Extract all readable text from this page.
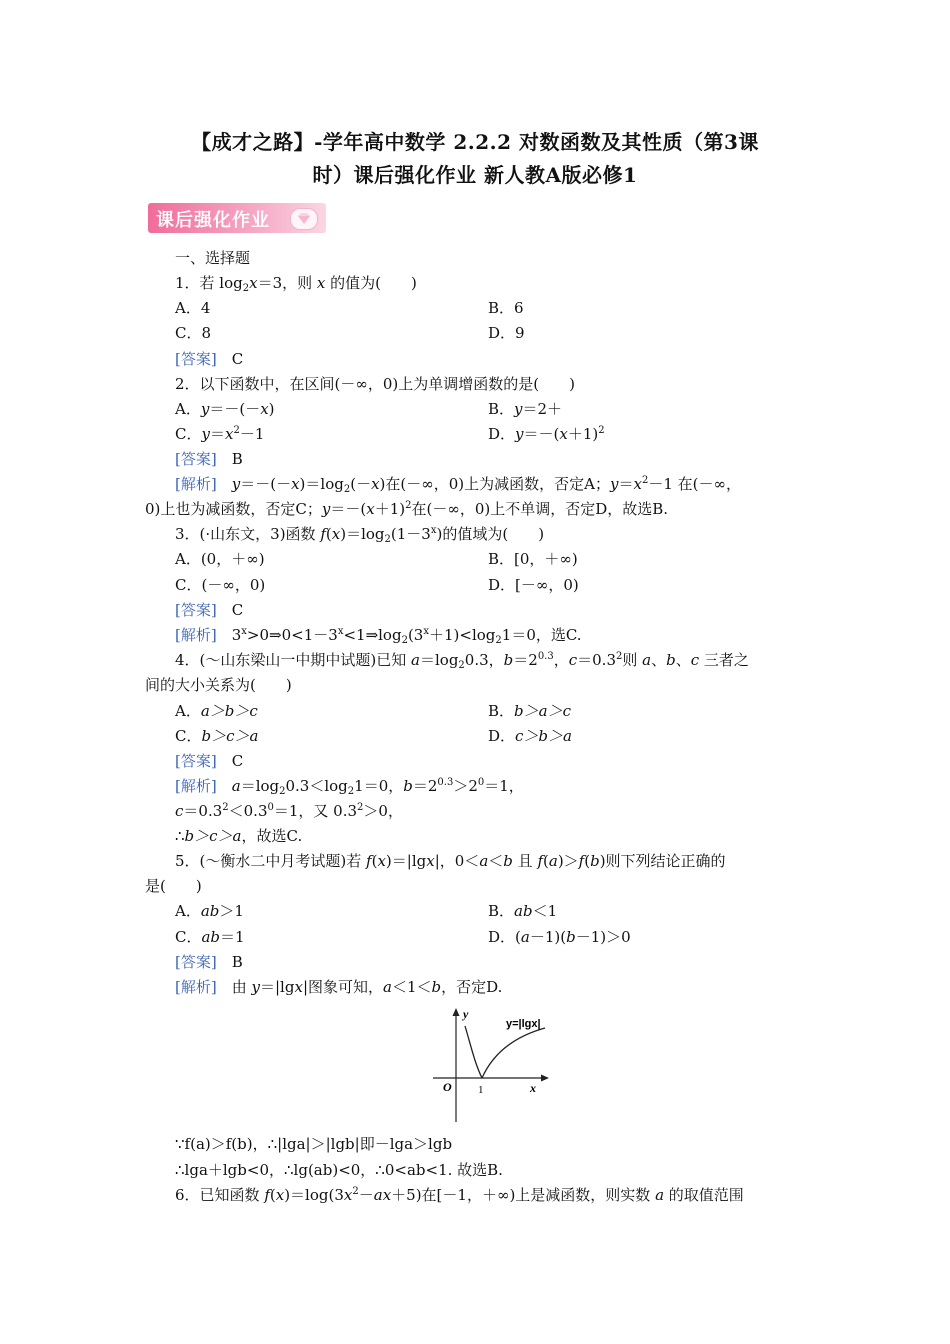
【成才之路】-学年高中数学 2.2.2 对数函数及其性质（第3课
时）课后强化作业 新人教A版必修1
课后强化作业
一、选择题
1．若 $\log_2x=3$，则 x 的值为(　　)
A．4	B．6
C．8	D．9
[答案]　 C
2．以下函数中，在区间(－∞，0)上为单调增函数的是(　　)
A．y＝－(－x)	B．y＝2＋
C．$y=x^2-1$	D．$y=-(x+1)^2$
[答案]　 B
[解析]　 $y=-(-x)=\log_2(-x)$在(－∞，0)上为减函数，否定A；$y=x^2-1$ 在(－∞，
0)上也为减函数，否定C；$y=-(x+1)^2$在(－∞，0)上不单调，否定D，故选B.
3．(·山东文，3)函数 $f(x)=\log_2(1-3^x)$的值域为(　　)
A．(0，＋∞)	B．[0，＋∞)
C．(－∞，0)	D．[－∞，0)
[答案]　 C
[解析]　 $3^x>0\Rightarrow 0<1-3^x<1\Rightarrow\log_2(3^x+1)<\log_21=0$，选C.
4．(～山东梁山一中期中试题)已知 $a=\log_20.3$，$b=2^{0.3}$，$c=0.3^2$则 a、b、c 三者之
间的大小关系为(　　)
A．a＞b＞c	B．b＞a＞c
C．b＞c＞a	D．c＞b＞a
[答案]　 C
[解析]　 $a=\log_20.3<\log_21=0$，$b=2^{0.3}>2^0=1$，
$c=0.3^2<0.3^0=1$，又 $0.3^2>0$，
∴b＞c＞a，故选C.
5．(～衡水二中月考试题)若 f(x)＝|lgx|，0＜a＜b 且 f(a)＞f(b)则下列结论正确的
是(　　)
A．ab＞1	B．ab＜1
C．ab＝1	D．(a－1)(b－1)＞0
[答案]　 B
[解析]　 由 y＝|lgx|图象可知，a＜1＜b，否定D.
y
x
O 1
y=|lgx|
∵f(a)＞f(b)，∴|lga|＞|lgb|即－lga＞lgb
∴lga＋lgb<0，∴lg(ab)<0，∴0<ab<1. 故选B.
6．已知函数 $f(x)=\log(3x^2-ax+5)$在[－1，＋∞)上是减函数，则实数 a 的取值范围
